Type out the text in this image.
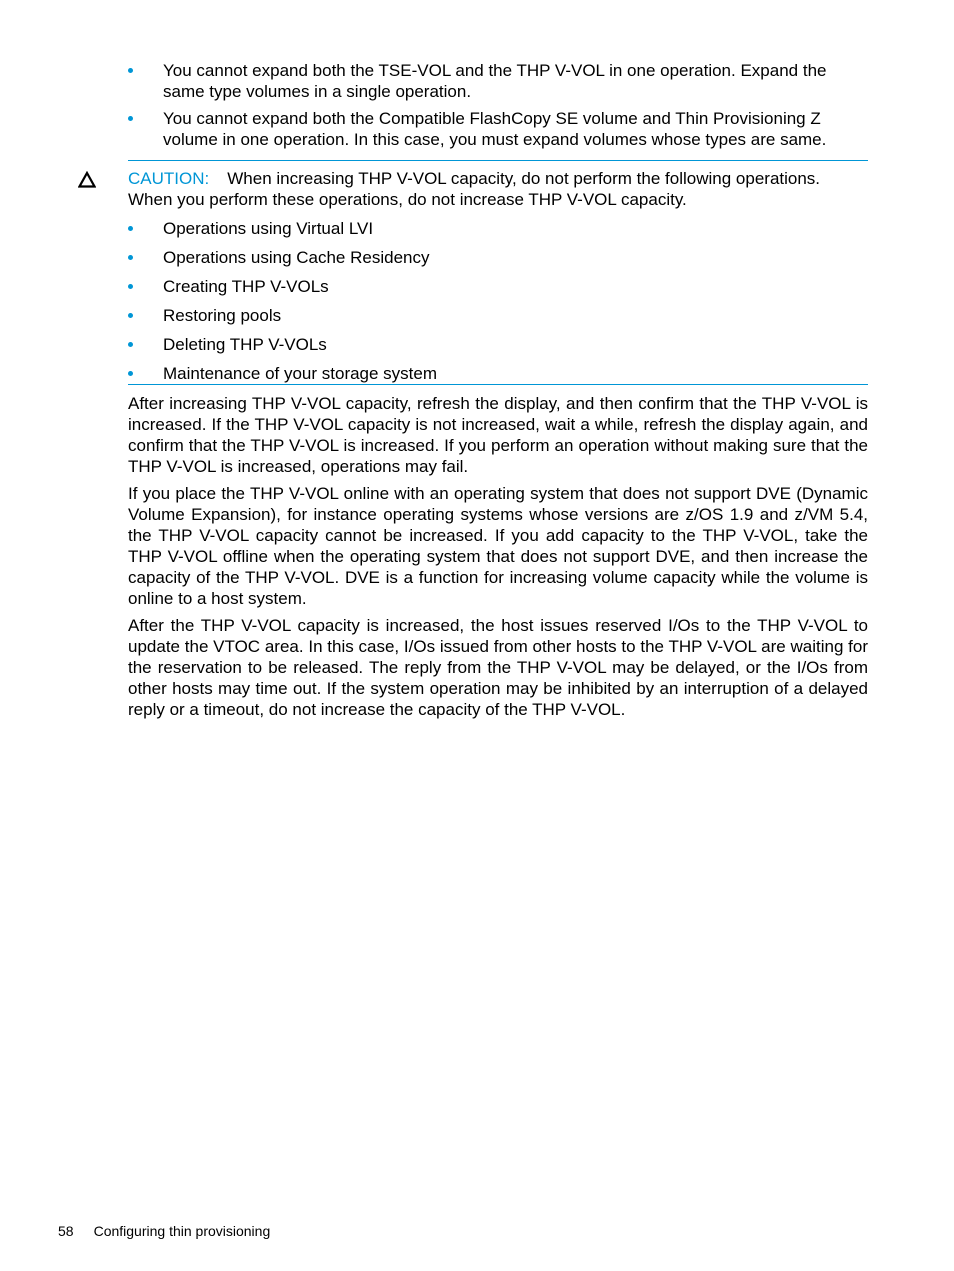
You cannot expand both the TSE-VOL and the THP V-VOL in one operation. Expand the same type volumes in a single operation.
You cannot expand both the Compatible FlashCopy SE volume and Thin Provisioning Z volume in one operation. In this case, you must expand volumes whose types are same.

CAUTION: When increasing THP V-VOL capacity, do not perform the following operations. When you perform these operations, do not increase THP V-VOL capacity.

Operations using Virtual LVI
Operations using Cache Residency
Creating THP V-VOLs
Restoring pools
Deleting THP V-VOLs
Maintenance of your storage system

After increasing THP V-VOL capacity, refresh the display, and then confirm that the THP V-VOL is increased. If the THP V-VOL capacity is not increased, wait a while, refresh the display again, and confirm that the THP V-VOL is increased. If you perform an operation without making sure that the THP V-VOL is increased, operations may fail.

If you place the THP V-VOL online with an operating system that does not support DVE (Dynamic Volume Expansion), for instance operating systems whose versions are z/OS 1.9 and z/VM 5.4, the THP V-VOL capacity cannot be increased. If you add capacity to the THP V-VOL, take the THP V-VOL offline when the operating system that does not support DVE, and then increase the capacity of the THP V-VOL. DVE is a function for increasing volume capacity while the volume is online to a host system.

After the THP V-VOL capacity is increased, the host issues reserved I/Os to the THP V-VOL to update the VTOC area. In this case, I/Os issued from other hosts to the THP V-VOL are waiting for the reservation to be released. The reply from the THP V-VOL may be delayed, or the I/Os from other hosts may time out. If the system operation may be inhibited by an interruption of a delayed reply or a timeout, do not increase the capacity of the THP V-VOL.

58 Configuring thin provisioning
